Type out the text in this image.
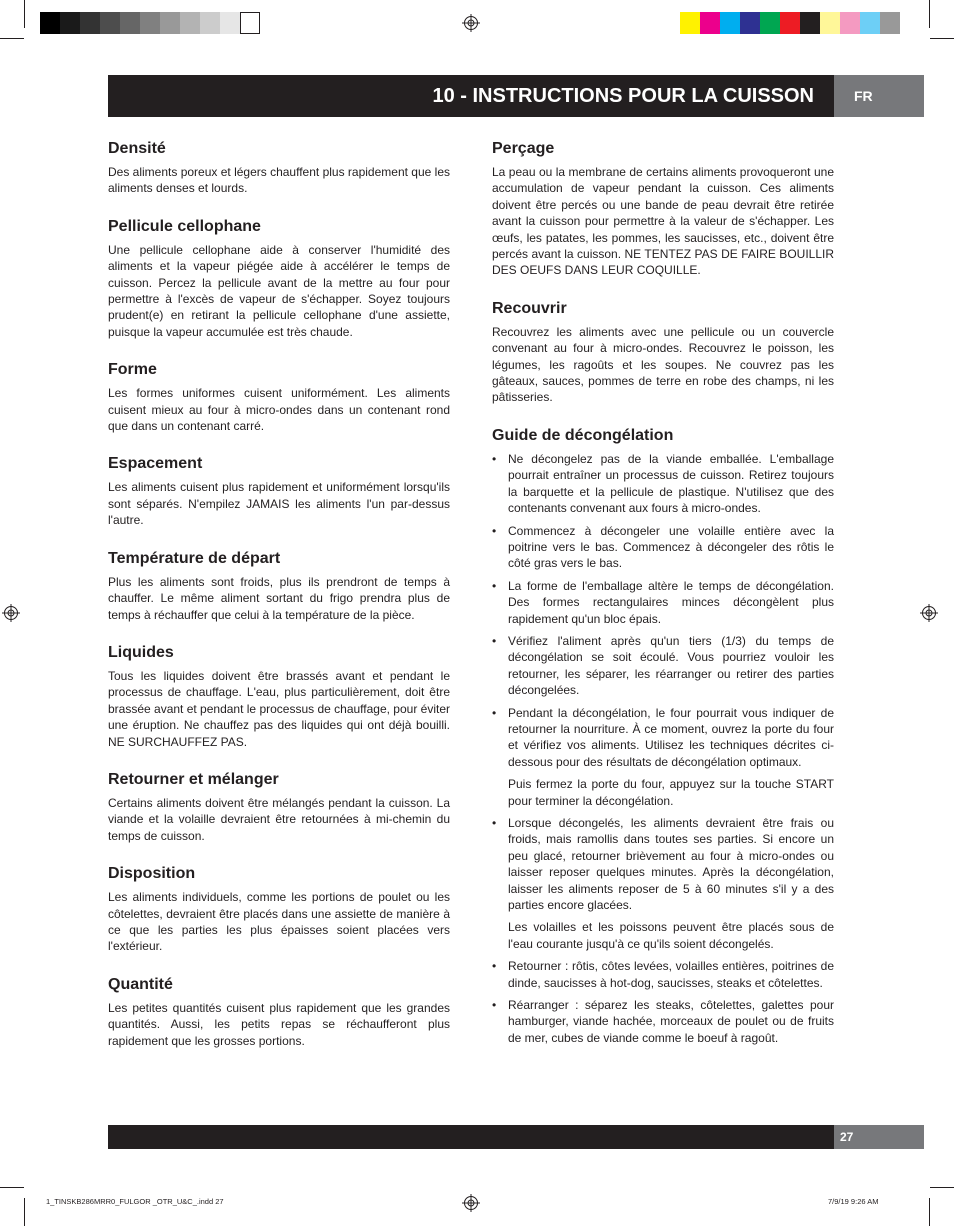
10 - INSTRUCTIONS POUR LA CUISSON	FR
Densité

Des aliments poreux et légers chauffent plus rapidement que les aliments denses et lourds.

Pellicule cellophane

Une pellicule cellophane aide à conserver l'humidité des aliments et la vapeur piégée aide à accélérer le temps de cuisson. Percez la pellicule avant de la mettre au four pour permettre à l'excès de vapeur de s'échapper. Soyez toujours prudent(e) en retirant la pellicule cellophane d'une assiette, puisque la vapeur accumulée est très chaude.

Forme

Les formes uniformes cuisent uniformément. Les aliments cuisent mieux au four à micro-ondes dans un contenant rond que dans un contenant carré.

Espacement

Les aliments cuisent plus rapidement et uniformément lorsqu'ils sont séparés. N'empilez JAMAIS les aliments l'un par-dessus l'autre.

Température de départ

Plus les aliments sont froids, plus ils prendront de temps à chauffer. Le même aliment sortant du frigo prendra plus de temps à réchauffer que celui à la température de la pièce.

Liquides

Tous les liquides doivent être brassés avant et pendant le processus de chauffage. L'eau, plus particulièrement, doit être brassée avant et pendant le processus de chauffage, pour éviter une éruption. Ne chauffez pas des liquides qui ont déjà bouilli. NE SURCHAUFFEZ PAS.

Retourner et mélanger

Certains aliments doivent être mélangés pendant la cuisson. La viande et la volaille devraient être retournées à mi-chemin du temps de cuisson.

Disposition

Les aliments individuels, comme les portions de poulet ou les côtelettes, devraient être placés dans une assiette de manière à ce que les parties les plus épaisses soient placées vers l'extérieur.

Quantité

Les petites quantités cuisent plus rapidement que les grandes quantités. Aussi, les petits repas se réchaufferont plus rapidement que les grosses portions.

Perçage

La peau ou la membrane de certains aliments provoqueront une accumulation de vapeur pendant la cuisson. Ces aliments doivent être percés ou une bande de peau devrait être retirée avant la cuisson pour permettre à la valeur de s'échapper. Les œufs, les patates, les pommes, les saucisses, etc., doivent être percés avant la cuisson. NE TENTEZ PAS DE FAIRE BOUILLIR DES OEUFS DANS LEUR COQUILLE.

Recouvrir

Recouvrez les aliments avec une pellicule ou un couvercle convenant au four à micro-ondes. Recouvrez le poisson, les légumes, les ragoûts et les soupes. Ne couvrez pas les gâteaux, sauces, pommes de terre en robe des champs, ni les pâtisseries.

Guide de décongélation
• Ne décongelez pas de la viande emballée. L'emballage pourrait entraîner un processus de cuisson. Retirez toujours la barquette et la pellicule de plastique. N'utilisez que des contenants convenant aux fours à micro-ondes.
• Commencez à décongeler une volaille entière avec la poitrine vers le bas. Commencez à décongeler des rôtis le côté gras vers le bas.
• La forme de l'emballage altère le temps de décongélation. Des formes rectangulaires minces décongèlent plus rapidement qu'un bloc épais.
• Vérifiez l'aliment après qu'un tiers (1/3) du temps de décongélation se soit écoulé. Vous pourriez vouloir les retourner, les séparer, les réarranger ou retirer des parties décongelées.
• Pendant la décongélation, le four pourrait vous indiquer de retourner la nourriture. À ce moment, ouvrez la porte du four et vérifiez vos aliments. Utilisez les techniques décrites ci-dessous pour des résultats de décongélation optimaux.

Puis fermez la porte du four, appuyez sur la touche START pour terminer la décongélation.

• Lorsque décongelés, les aliments devraient être frais ou froids, mais ramollis dans toutes ses parties. Si encore un peu glacé, retourner brièvement au four à micro-ondes ou laisser reposer quelques minutes. Après la décongélation, laisser les aliments reposer de 5 à 60 minutes s'il y a des parties encore glacées.

Les volailles et les poissons peuvent être placés sous de l'eau courante jusqu'à ce qu'ils soient décongelés.

• Retourner : rôtis, côtes levées, volailles entières, poitrines de dinde, saucisses à hot-dog, saucisses, steaks et côtelettes.
• Réarranger : séparez les steaks, côtelettes, galettes pour hamburger, viande hachée, morceaux de poulet ou de fruits de mer, cubes de viande comme le boeuf à ragoût.
27
1_TINSKB286MRR0_FULGOR _OTR_U&C_.indd 27	7/9/19 9:26 AM
